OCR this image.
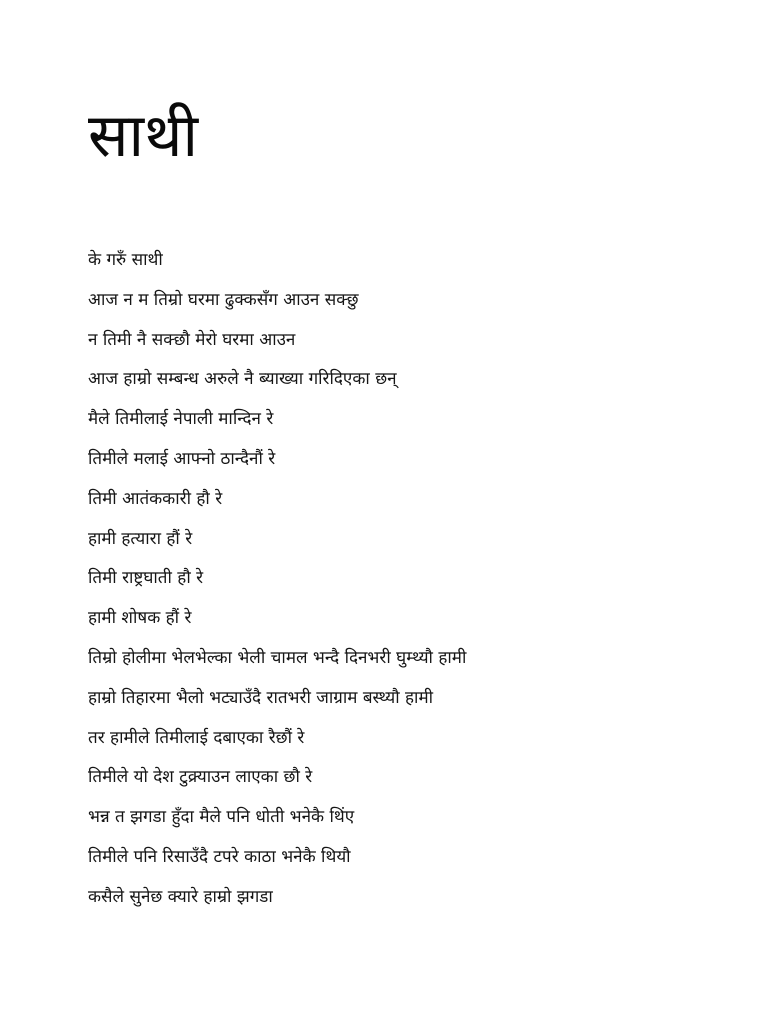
साथी
के गरुँ साथी
आज न म तिम्रो घरमा ढुक्कसँग आउन सक्छु
न तिमी नै सक्छौ मेरो घरमा आउन
आज हाम्रो सम्बन्ध अरुले नै ब्याख्या गरिदिएका छन्
मैले तिमीलाई नेपाली मान्दिन रे
तिमीले मलाई आफ्नो ठान्दैनौं रे
तिमी आतंककारी हौ रे
हामी हत्यारा हौं रे
तिमी राष्ट्रघाती हौ रे
हामी शोषक हौं रे
तिम्रो होलीमा भेलभेल्का भेली चामल भन्दै दिनभरी घुम्थ्यौ हामी
हाम्रो तिहारमा भैलो भट्याउँदै रातभरी जाग्राम बस्थ्यौ हामी
तर हामीले तिमीलाई दबाएका रैछौं रे
तिमीले यो देश टुक्र्याउन लाएका छौ रे
भन्न त झगडा हुँदा मैले पनि धोती भनेकै थिंए
तिमीले पनि रिसाउँदै टपरे काठा भनेकै थियौ
कसैले सुनेछ क्यारे हाम्रो झगडा
